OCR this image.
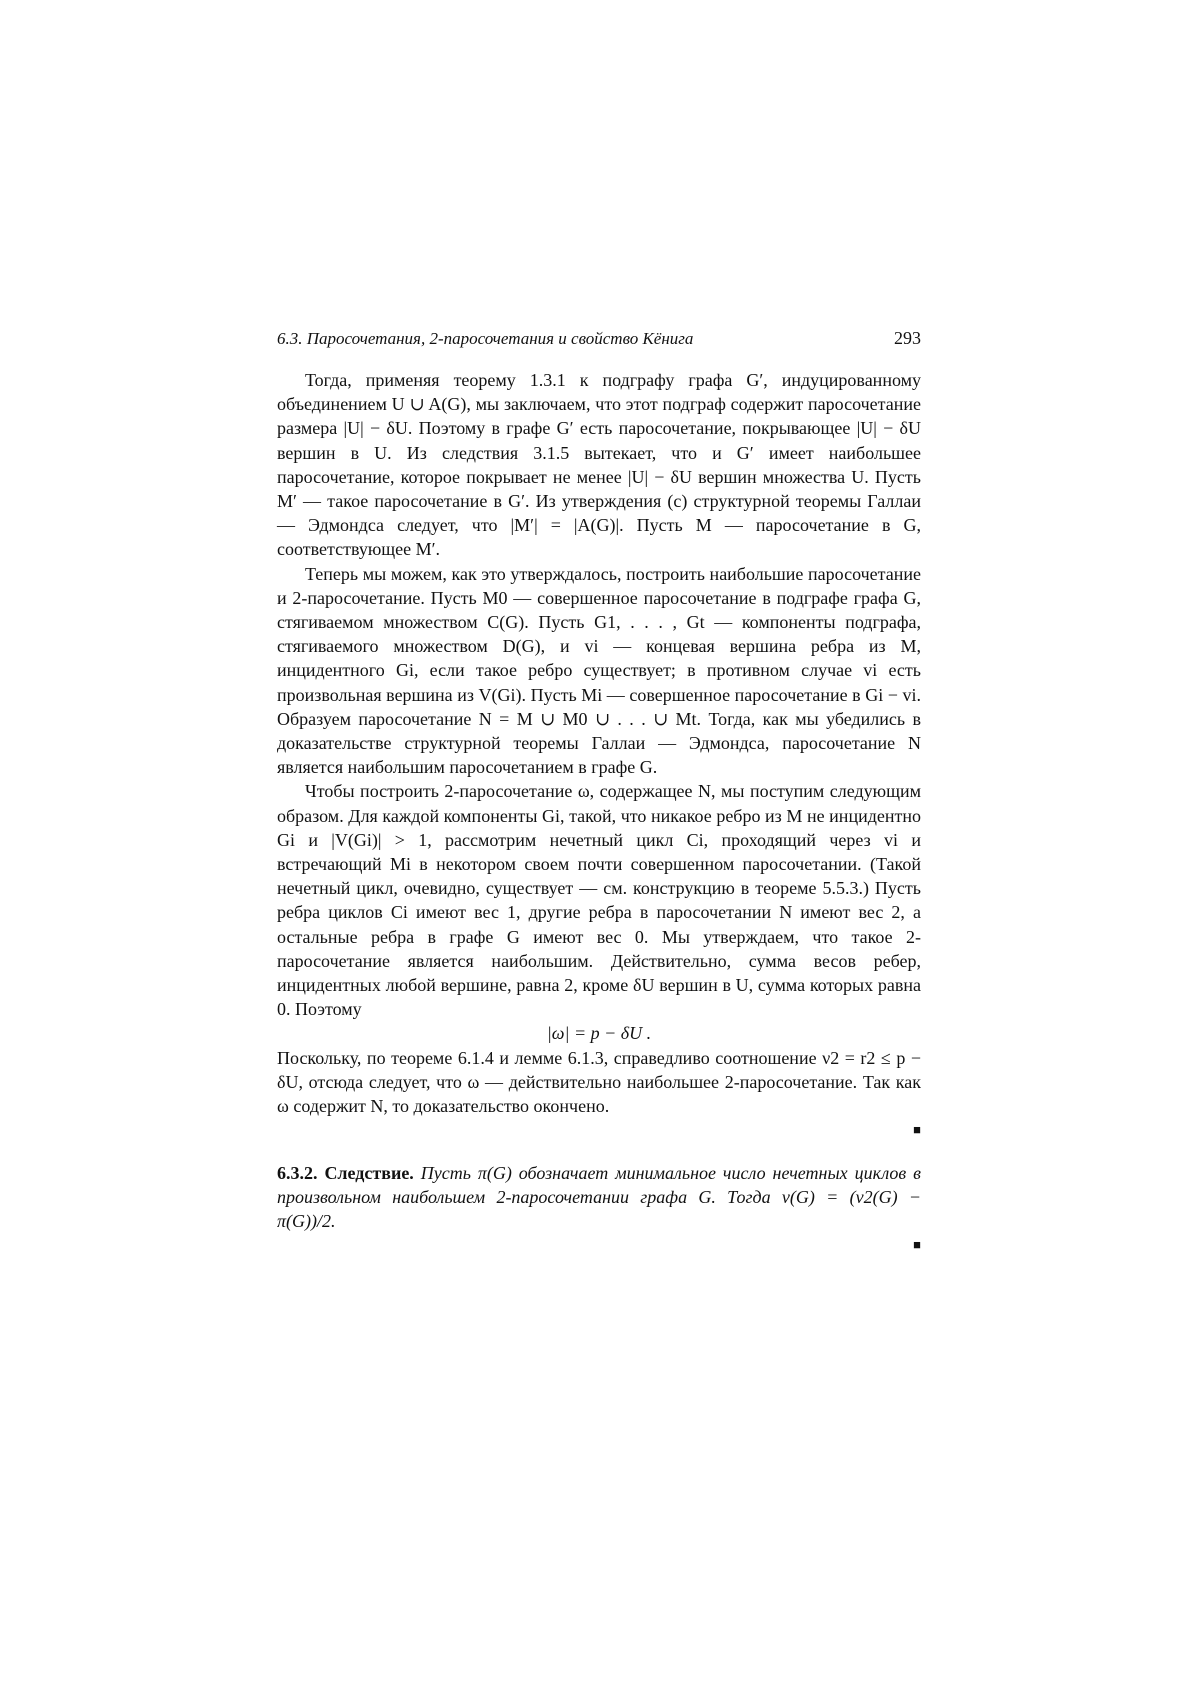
6.3. Паросочетания, 2-паросочетания и свойство Кёнига	293

Тогда, применяя теорему 1.3.1 к подграфу графа G′, индуцированному объединением U ∪ A(G), мы заключаем, что этот подграф содержит паросочетание размера |U| − δU. Поэтому в графе G′ есть паросочетание, покрывающее |U| − δU вершин в U. Из следствия 3.1.5 вытекает, что и G′ имеет наибольшее паросочетание, которое покрывает не менее |U| − δU вершин множества U. Пусть M′ — такое паросочетание в G′. Из утверждения (c) структурной теоремы Галлаи — Эдмондса следует, что |M′| = |A(G)|. Пусть M — паросочетание в G, соответствующее M′.

Теперь мы можем, как это утверждалось, построить наибольшие паросочетание и 2-паросочетание. Пусть M0 — совершенное паросочетание в подграфе графа G, стягиваемом множеством C(G). Пусть G1, . . . , Gt — компоненты подграфа, стягиваемого множеством D(G), и vi — концевая вершина ребра из M, инцидентного Gi, если такое ребро существует; в противном случае vi есть произвольная вершина из V(Gi). Пусть Mi — совершенное паросочетание в Gi − vi. Образуем паросочетание N = M ∪ M0 ∪ . . . ∪ Mt. Тогда, как мы убедились в доказательстве структурной теоремы Галлаи — Эдмондса, паросочетание N является наибольшим паросочетанием в графе G.

Чтобы построить 2-паросочетание ω, содержащее N, мы поступим следующим образом. Для каждой компоненты Gi, такой, что никакое ребро из M не инцидентно Gi и |V(Gi)| > 1, рассмотрим нечетный цикл Ci, проходящий через vi и встречающий Mi в некотором своем почти совершенном паросочетании. (Такой нечетный цикл, очевидно, существует — см. конструкцию в теореме 5.5.3.) Пусть ребра циклов Ci имеют вес 1, другие ребра в паросочетании N имеют вес 2, а остальные ребра в графе G имеют вес 0. Мы утверждаем, что такое 2-паросочетание является наибольшим. Действительно, сумма весов ребер, инцидентных любой вершине, равна 2, кроме δU вершин в U, сумма которых равна 0. Поэтому

|ω| = p − δU .

Поскольку, по теореме 6.1.4 и лемме 6.1.3, справедливо соотношение ν2 = r2 ≤ p − δU, отсюда следует, что ω — действительно наибольшее 2-паросочетание. Так как ω содержит N, то доказательство окончено.
■

6.3.2. Следствие. Пусть π(G) обозначает минимальное число нечетных циклов в произвольном наибольшем 2-паросочетании графа G. Тогда ν(G) = (ν2(G) − π(G))/2.
■
